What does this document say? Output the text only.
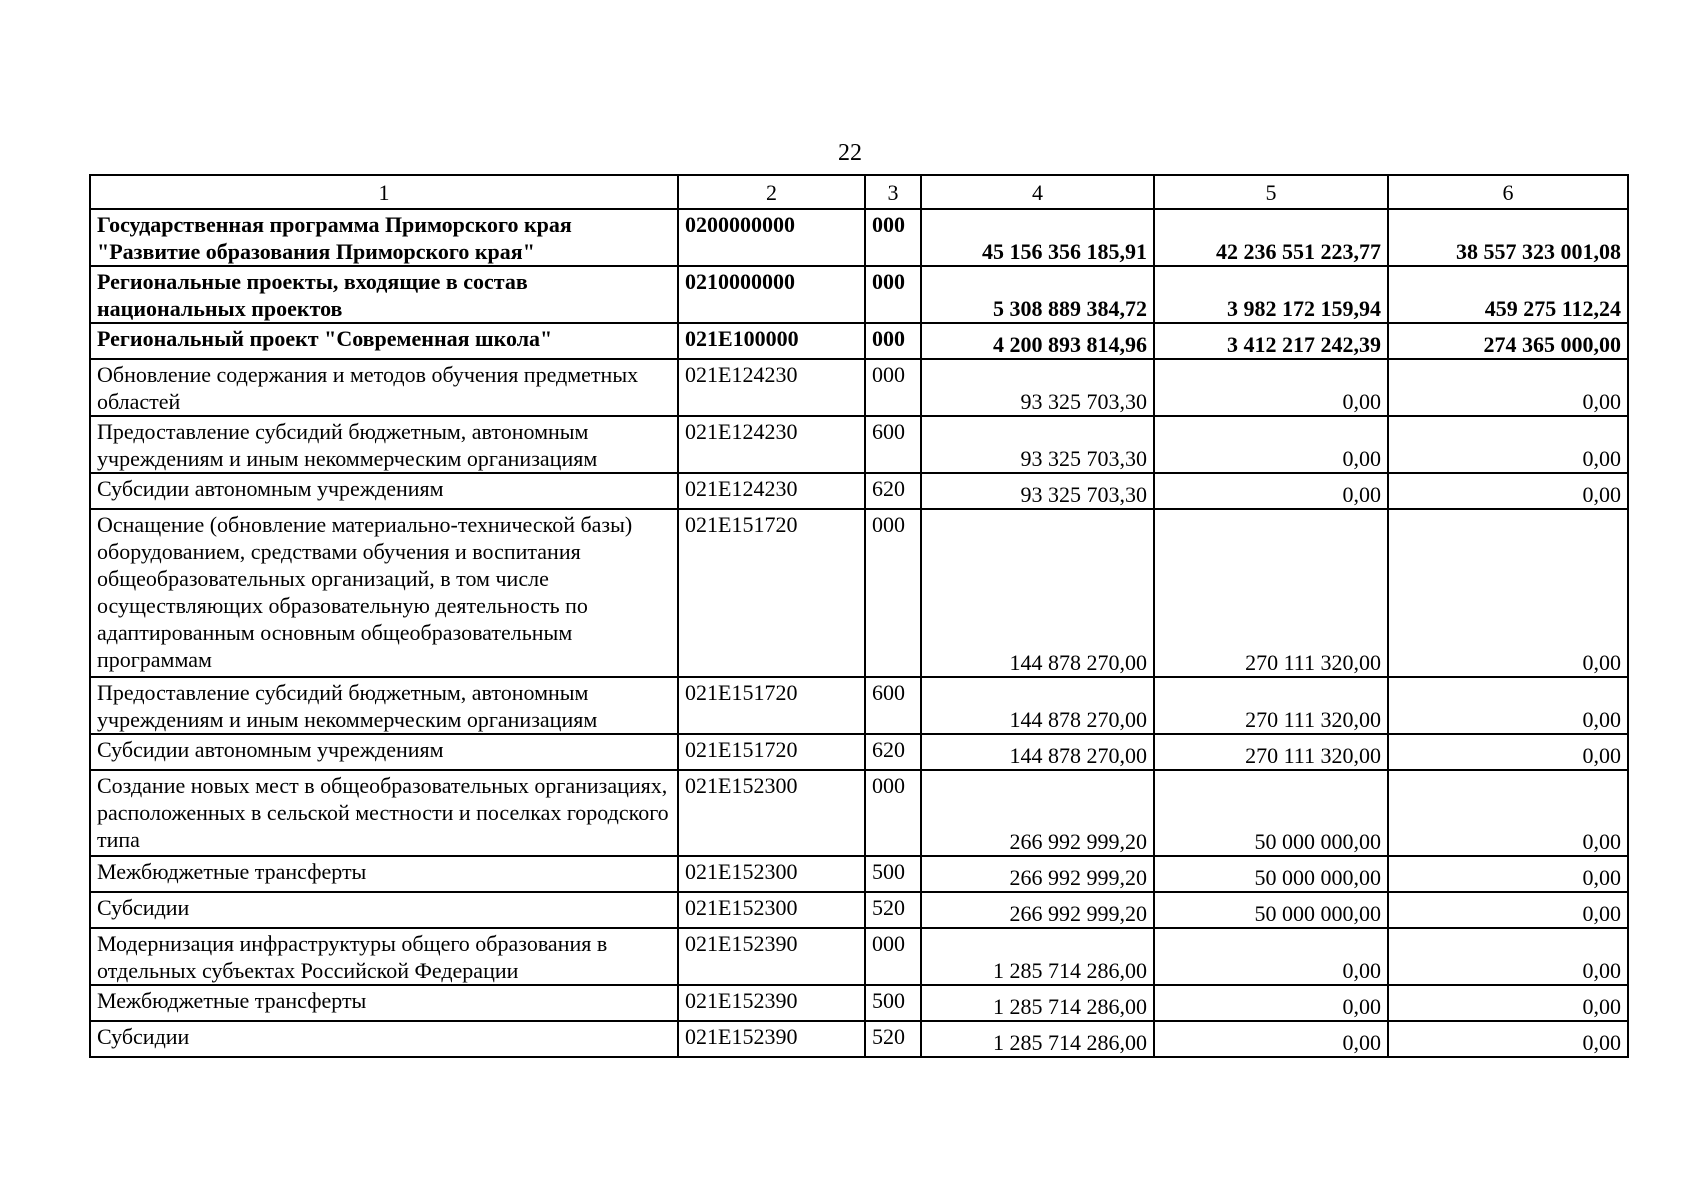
22
1	2	3	4	5	6
Государственная программа Приморского края "Развитие образования Приморского края"	0200000000	000	45 156 356 185,91	42 236 551 223,77	38 557 323 001,08
Региональные проекты, входящие в состав национальных проектов	0210000000	000	5 308 889 384,72	3 982 172 159,94	459 275 112,24
Региональный проект "Современная школа"	021E100000	000	4 200 893 814,96	3 412 217 242,39	274 365 000,00
Обновление содержания и методов обучения предметных областей	021E124230	000	93 325 703,30	0,00	0,00
Предоставление субсидий бюджетным, автономным учреждениям и иным некоммерческим организациям	021E124230	600	93 325 703,30	0,00	0,00
Субсидии автономным учреждениям	021E124230	620	93 325 703,30	0,00	0,00
Оснащение (обновление материально-технической базы) оборудованием, средствами обучения и воспитания общеобразовательных организаций, в том числе осуществляющих образовательную деятельность по адаптированным основным общеобразовательным программам	021E151720	000	144 878 270,00	270 111 320,00	0,00
Предоставление субсидий бюджетным, автономным учреждениям и иным некоммерческим организациям	021E151720	600	144 878 270,00	270 111 320,00	0,00
Субсидии автономным учреждениям	021E151720	620	144 878 270,00	270 111 320,00	0,00
Создание новых мест в общеобразовательных организациях, расположенных в сельской местности и поселках городского типа	021E152300	000	266 992 999,20	50 000 000,00	0,00
Межбюджетные трансферты	021E152300	500	266 992 999,20	50 000 000,00	0,00
Субсидии	021E152300	520	266 992 999,20	50 000 000,00	0,00
Модернизация инфраструктуры общего образования в отдельных субъектах Российской Федерации	021E152390	000	1 285 714 286,00	0,00	0,00
Межбюджетные трансферты	021E152390	500	1 285 714 286,00	0,00	0,00
Субсидии	021E152390	520	1 285 714 286,00	0,00	0,00
